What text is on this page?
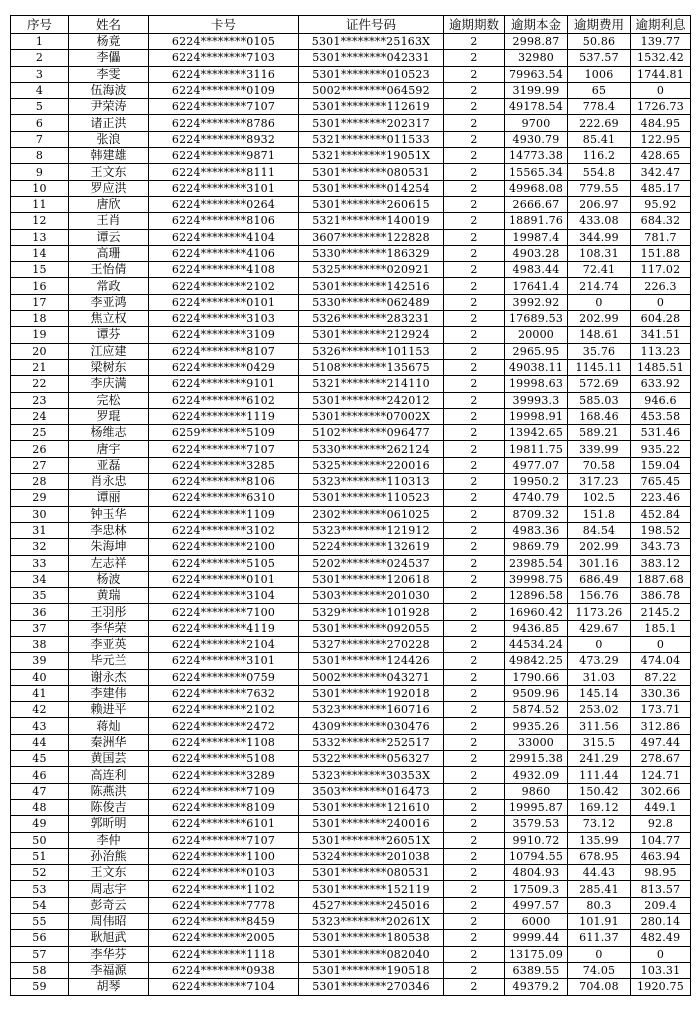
序号	姓名	卡号	证件号码	逾期期数	逾期本金	逾期费用	逾期利息
1	杨竟	6224********0105	5301********25163X	2	2998.87	50.86	139.77
2	李儡	6224********7103	5301********042331	2	32980	537.57	1532.42
3	李雯	6224********3116	5301********010523	2	79963.54	1006	1744.81
4	伍海波	6224********0109	5002********064592	2	3199.99	65	0
5	尹荣涛	6224********7107	5301********112619	2	49178.54	778.4	1726.73
6	诸正洪	6224********8786	5301********202317	2	9700	222.69	484.95
7	张浪	6224********8932	5321********011533	2	4930.79	85.41	122.95
8	韩建雄	6224********9871	5321********19051X	2	14773.38	116.2	428.65
9	王文东	6224********8111	5301********080531	2	15565.34	554.8	342.47
10	罗应洪	6224********3101	5301********014254	2	49968.08	779.55	485.17
11	唐欣	6224********0264	5301********260615	2	2666.67	206.97	95.92
12	王肖	6224********8106	5321********140019	2	18891.76	433.08	684.32
13	谭云	6224********4104	3607********122828	2	19987.4	344.99	781.7
14	高珊	6224********4106	5330********186329	2	4903.28	108.31	151.88
15	王怡倩	6224********4108	5325********020921	2	4983.44	72.41	117.02
16	常政	6224********2102	5301********142516	2	17641.4	214.74	226.3
17	李亚鸿	6224********0101	5330********062489	2	3992.92	0	0
18	焦立权	6224********3103	5326********283231	2	17689.53	202.99	604.28
19	谭芬	6224********3109	5301********212924	2	20000	148.61	341.51
20	江应建	6224********8107	5326********101153	2	2965.95	35.76	113.23
21	梁树东	6224********0429	5108********135675	2	49038.11	1145.11	1485.51
22	李庆满	6224********9101	5321********214110	2	19998.63	572.69	633.92
23	完松	6224********6102	5301********242012	2	39993.3	585.03	946.6
24	罗琨	6224********1119	5301********07002X	2	19998.91	168.46	453.58
25	杨维志	6259********5109	5102********096477	2	13942.65	589.21	531.46
26	唐宇	6224********7107	5330********262124	2	19811.75	339.99	935.22
27	亚磊	6224********3285	5325********220016	2	4977.07	70.58	159.04
28	肖永忠	6224********8106	5323********110313	2	19950.2	317.23	765.45
29	谭丽	6224********6310	5301********110523	2	4740.79	102.5	223.46
30	钟玉华	6224********1109	2302********061025	2	8709.32	151.8	452.84
31	李忠林	6224********3102	5323********121912	2	4983.36	84.54	198.52
32	朱海坤	6224********2100	5224********132619	2	9869.79	202.99	343.73
33	左志祥	6224********5105	5202********024537	2	23985.54	301.16	383.12
34	杨波	6224********0101	5301********120618	2	39998.75	686.49	1887.68
35	黄瑞	6224********3104	5303********201030	2	12896.58	156.76	386.78
36	王羽彤	6224********7100	5329********101928	2	16960.42	1173.26	2145.2
37	李华荣	6224********4119	5301********092055	2	9436.85	429.67	185.1
38	李亚英	6224********2104	5327********270228	2	44534.24	0	0
39	毕元兰	6224********3101	5301********124426	2	49842.25	473.29	474.04
40	谢永杰	6224********0759	5002********043271	2	1790.66	31.03	87.22
41	李建伟	6224********7632	5301********192018	2	9509.96	145.14	330.36
42	赖进平	6224********2102	5323********160716	2	5874.52	253.02	173.71
43	蒋灿	6224********2472	4309********030476	2	9935.26	311.56	312.86
44	秦洲华	6224********1108	5332********252517	2	33000	315.5	497.44
45	黄国芸	6224********5108	5322********056327	2	29915.38	241.29	278.67
46	高连利	6224********3289	5323********30353X	2	4932.09	111.44	124.71
47	陈燕洪	6224********7109	3503********016473	2	9860	150.42	302.66
48	陈俊吉	6224********8109	5301********121610	2	19995.87	169.12	449.1
49	郭昕明	6224********6101	5301********240016	2	3579.53	73.12	92.8
50	李仲	6224********7107	5301********26051X	2	9910.72	135.99	104.77
51	孙治熊	6224********1100	5324********201038	2	10794.55	678.95	463.94
52	王文东	6224********0103	5301********080531	2	4804.93	44.43	98.95
53	周志宇	6224********1102	5301********152119	2	17509.3	285.41	813.57
54	彭奇云	6224********7778	4527********245016	2	4997.57	80.3	209.4
55	周伟昭	6224********8459	5323********20261X	2	6000	101.91	280.14
56	耿旭武	6224********2005	5301********180538	2	9999.44	611.37	482.49
57	李华芬	6224********1118	5301********082040	2	13175.09	0	0
58	李福源	6224********0938	5301********190518	2	6389.55	74.05	103.31
59	胡琴	6224********7104	5301********270346	2	49379.2	704.08	1920.75
